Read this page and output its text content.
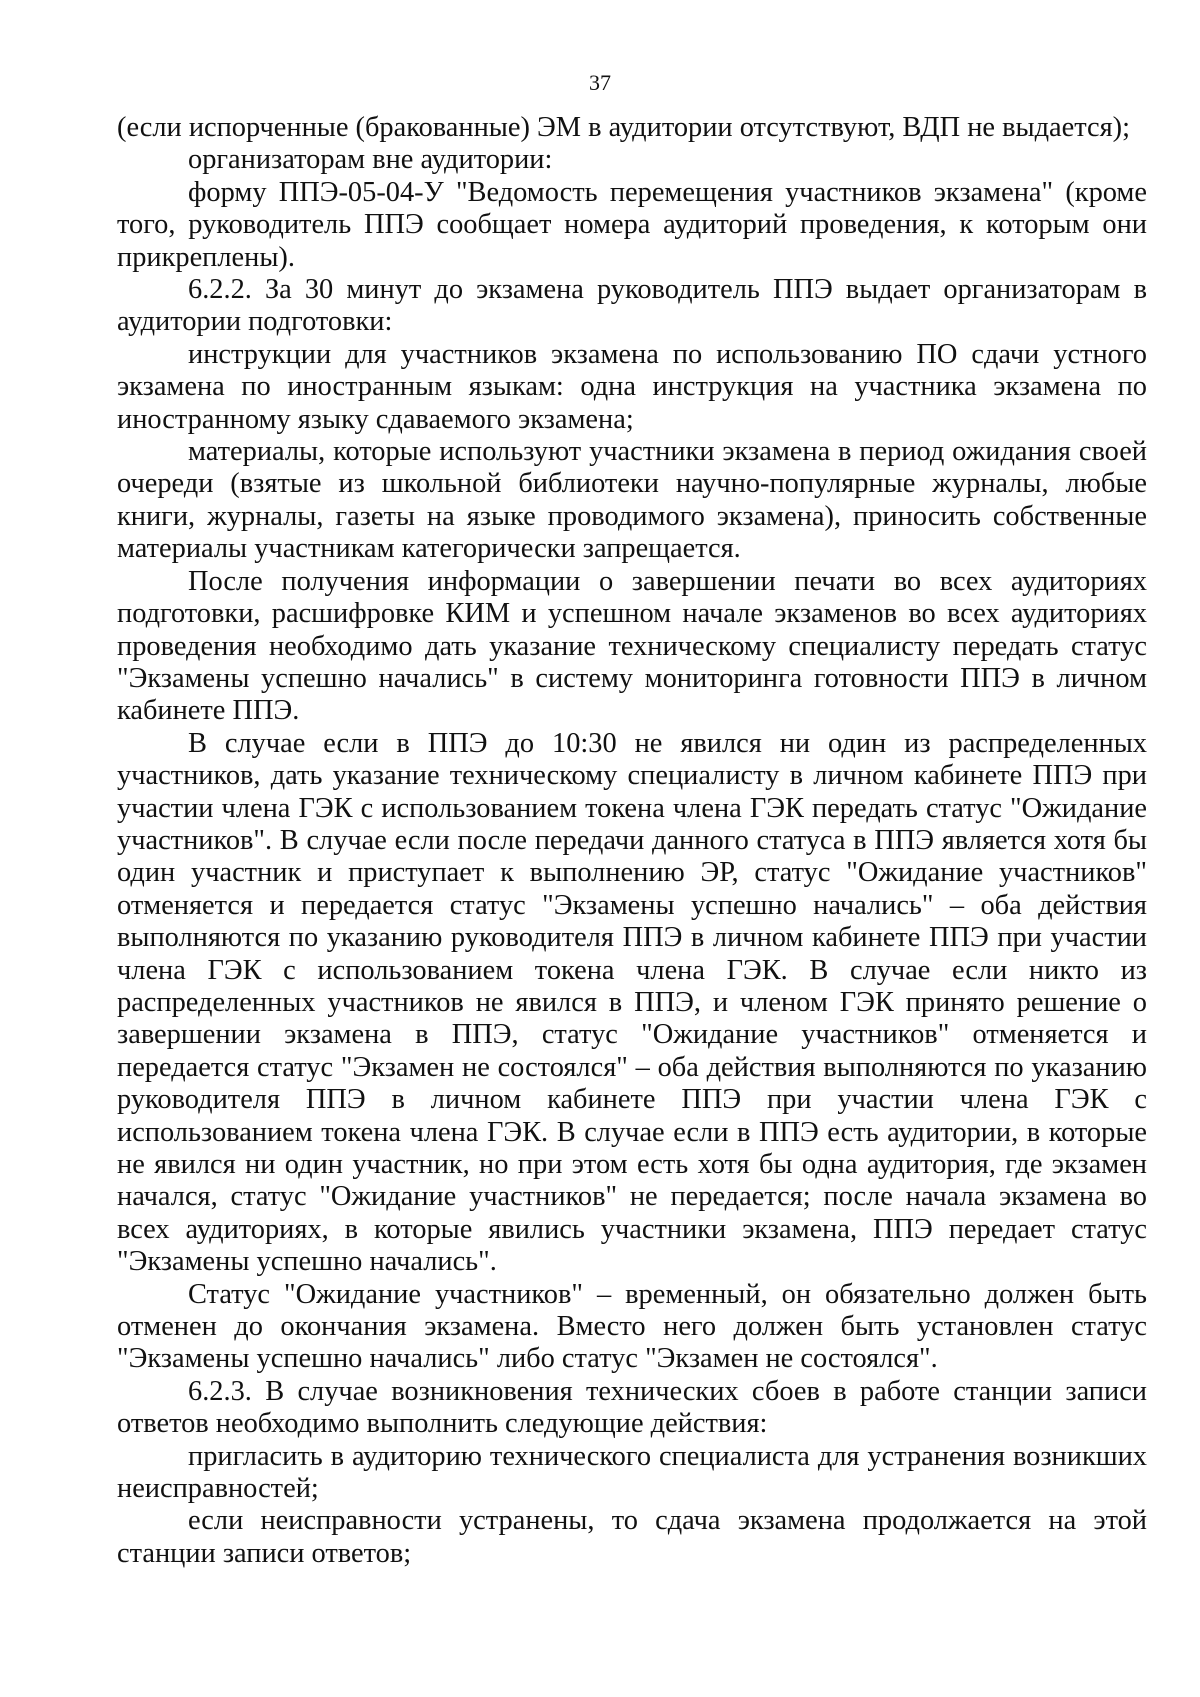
37

(если испорченные (бракованные) ЭМ в аудитории отсутствуют, ВДП не выдается);

организаторам вне аудитории:

форму ППЭ-05-04-У "Ведомость перемещения участников экзамена" (кроме того, руководитель ППЭ сообщает номера аудиторий проведения, к которым они прикреплены).

6.2.2. За 30 минут до экзамена руководитель ППЭ выдает организаторам в аудитории подготовки:

инструкции для участников экзамена по использованию ПО сдачи устного экзамена по иностранным языкам: одна инструкция на участника экзамена по иностранному языку сдаваемого экзамена;

материалы, которые используют участники экзамена в период ожидания своей очереди (взятые из школьной библиотеки научно-популярные журналы, любые книги, журналы, газеты на языке проводимого экзамена), приносить собственные материалы участникам категорически запрещается.

После получения информации о завершении печати во всех аудиториях подготовки, расшифровке КИМ и успешном начале экзаменов во всех аудиториях проведения необходимо дать указание техническому специалисту передать статус "Экзамены успешно начались" в систему мониторинга готовности ППЭ в личном кабинете ППЭ.

В случае если в ППЭ до 10:30 не явился ни один из распределенных участников, дать указание техническому специалисту в личном кабинете ППЭ при участии члена ГЭК с использованием токена члена ГЭК передать статус "Ожидание участников". В случае если после передачи данного статуса в ППЭ является хотя бы один участник и приступает к выполнению ЭР, статус "Ожидание участников" отменяется и передается статус "Экзамены успешно начались" – оба действия выполняются по указанию руководителя ППЭ в личном кабинете ППЭ при участии члена ГЭК с использованием токена члена ГЭК. В случае если никто из распределенных участников не явился в ППЭ, и членом ГЭК принято решение о завершении экзамена в ППЭ, статус "Ожидание участников" отменяется и передается статус "Экзамен не состоялся" – оба действия выполняются по указанию руководителя ППЭ в личном кабинете ППЭ при участии члена ГЭК с использованием токена члена ГЭК. В случае если в ППЭ есть аудитории, в которые не явился ни один участник, но при этом есть хотя бы одна аудитория, где экзамен начался, статус "Ожидание участников" не передается; после начала экзамена во всех аудиториях, в которые явились участники экзамена, ППЭ передает статус "Экзамены успешно начались".

Статус "Ожидание участников" – временный, он обязательно должен быть отменен до окончания экзамена. Вместо него должен быть установлен статус "Экзамены успешно начались" либо статус "Экзамен не состоялся".

6.2.3. В случае возникновения технических сбоев в работе станции записи ответов необходимо выполнить следующие действия:

пригласить в аудиторию технического специалиста для устранения возникших неисправностей;

если неисправности устранены, то сдача экзамена продолжается на этой станции записи ответов;
